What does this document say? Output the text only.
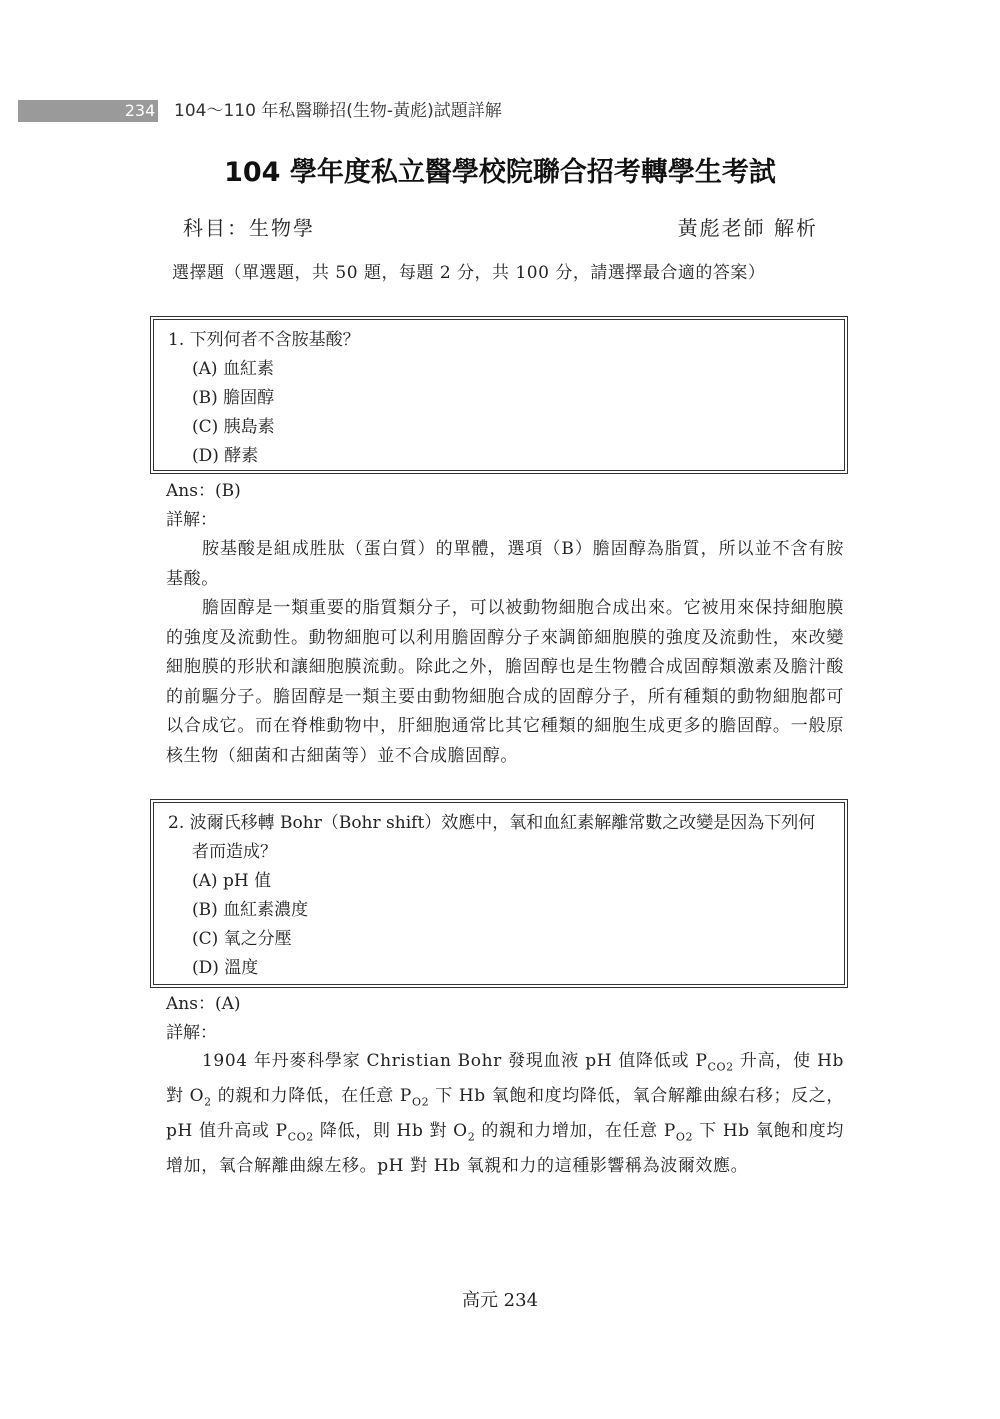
234 104～110 年私醫聯招(生物-黃彪)試題詳解
104 學年度私立醫學校院聯合招考轉學生考試
科目：生物學	黃彪老師 解析
選擇題（單選題，共 50 題，每題 2 分，共 100 分，請選擇最合適的答案）
1. 下列何者不含胺基酸？
(A) 血紅素
(B) 膽固醇
(C) 胰島素
(D) 酵素
Ans：(B)
詳解：
胺基酸是組成胜肽（蛋白質）的單體，選項（B）膽固醇為脂質，所以並不含有胺基酸。
膽固醇是一類重要的脂質類分子，可以被動物細胞合成出來。它被用來保持細胞膜的強度及流動性。動物細胞可以利用膽固醇分子來調節細胞膜的強度及流動性，來改變細胞膜的形狀和讓細胞膜流動。除此之外，膽固醇也是生物體合成固醇類激素及膽汁酸的前驅分子。膽固醇是一類主要由動物細胞合成的固醇分子，所有種類的動物細胞都可以合成它。而在脊椎動物中，肝細胞通常比其它種類的細胞生成更多的膽固醇。一般原核生物（細菌和古細菌等）並不合成膽固醇。
2. 波爾氏移轉 Bohr（Bohr shift）效應中，氧和血紅素解離常數之改變是因為下列何者而造成？
(A) pH 值
(B) 血紅素濃度
(C) 氧之分壓
(D) 溫度
Ans：(A)
詳解：
1904 年丹麥科學家 Christian Bohr 發現血液 pH 值降低或 $P_{CO2}$ 升高，使 Hb 對 $O_2$ 的親和力降低，在任意 $P_{O2}$ 下 Hb 氧飽和度均降低，氧合解離曲線右移；反之，pH 值升高或 $P_{CO2}$ 降低，則 Hb 對 $O_2$ 的親和力增加，在任意 $P_{O2}$ 下 Hb 氧飽和度均增加，氧合解離曲線左移。pH 對 Hb 氧親和力的這種影響稱為波爾效應。
高元 234
